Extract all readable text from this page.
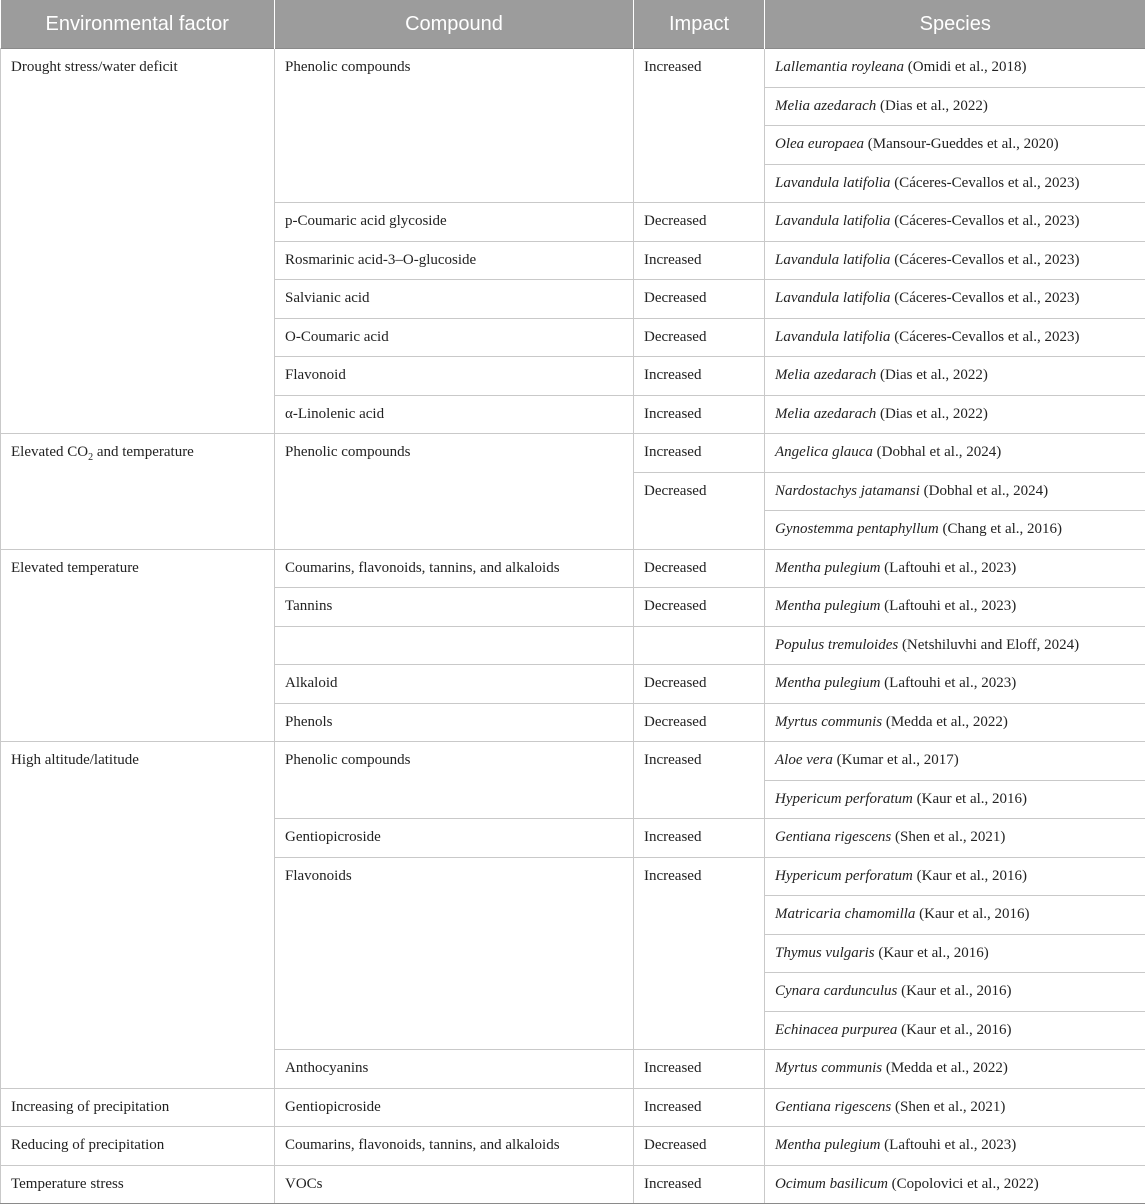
Environmental factor	Compound	Impact	Species
Drought stress/water deficit	Phenolic compounds	Increased	Lallemantia royleana (Omidi et al., 2018)
			Melia azedarach (Dias et al., 2022)
			Olea europaea (Mansour-Gueddes et al., 2020)
			Lavandula latifolia (Cáceres-Cevallos et al., 2023)
	p-Coumaric acid glycoside	Decreased	Lavandula latifolia (Cáceres-Cevallos et al., 2023)
	Rosmarinic acid-3–O-glucoside	Increased	Lavandula latifolia (Cáceres-Cevallos et al., 2023)
	Salvianic acid	Decreased	Lavandula latifolia (Cáceres-Cevallos et al., 2023)
	O-Coumaric acid	Decreased	Lavandula latifolia (Cáceres-Cevallos et al., 2023)
	Flavonoid	Increased	Melia azedarach (Dias et al., 2022)
	α-Linolenic acid	Increased	Melia azedarach (Dias et al., 2022)
Elevated $CO_2$ and temperature	Phenolic compounds	Increased	Angelica glauca (Dobhal et al., 2024)
		Decreased	Nardostachys jatamansi (Dobhal et al., 2024)
			Gynostemma pentaphyllum (Chang et al., 2016)
Elevated temperature	Coumarins, flavonoids, tannins, and alkaloids	Decreased	Mentha pulegium (Laftouhi et al., 2023)
	Tannins	Decreased	Mentha pulegium (Laftouhi et al., 2023)
			Populus tremuloides (Netshiluvhi and Eloff, 2024)
	Alkaloid	Decreased	Mentha pulegium (Laftouhi et al., 2023)
	Phenols	Decreased	Myrtus communis (Medda et al., 2022)
High altitude/latitude	Phenolic compounds	Increased	Aloe vera (Kumar et al., 2017)
			Hypericum perforatum (Kaur et al., 2016)
	Gentiopicroside	Increased	Gentiana rigescens (Shen et al., 2021)
	Flavonoids	Increased	Hypericum perforatum (Kaur et al., 2016)
			Matricaria chamomilla (Kaur et al., 2016)
			Thymus vulgaris (Kaur et al., 2016)
			Cynara cardunculus (Kaur et al., 2016)
			Echinacea purpurea (Kaur et al., 2016)
	Anthocyanins	Increased	Myrtus communis (Medda et al., 2022)
Increasing of precipitation	Gentiopicroside	Increased	Gentiana rigescens (Shen et al., 2021)
Reducing of precipitation	Coumarins, flavonoids, tannins, and alkaloids	Decreased	Mentha pulegium (Laftouhi et al., 2023)
Temperature stress	VOCs	Increased	Ocimum basilicum (Copolovici et al., 2022)
